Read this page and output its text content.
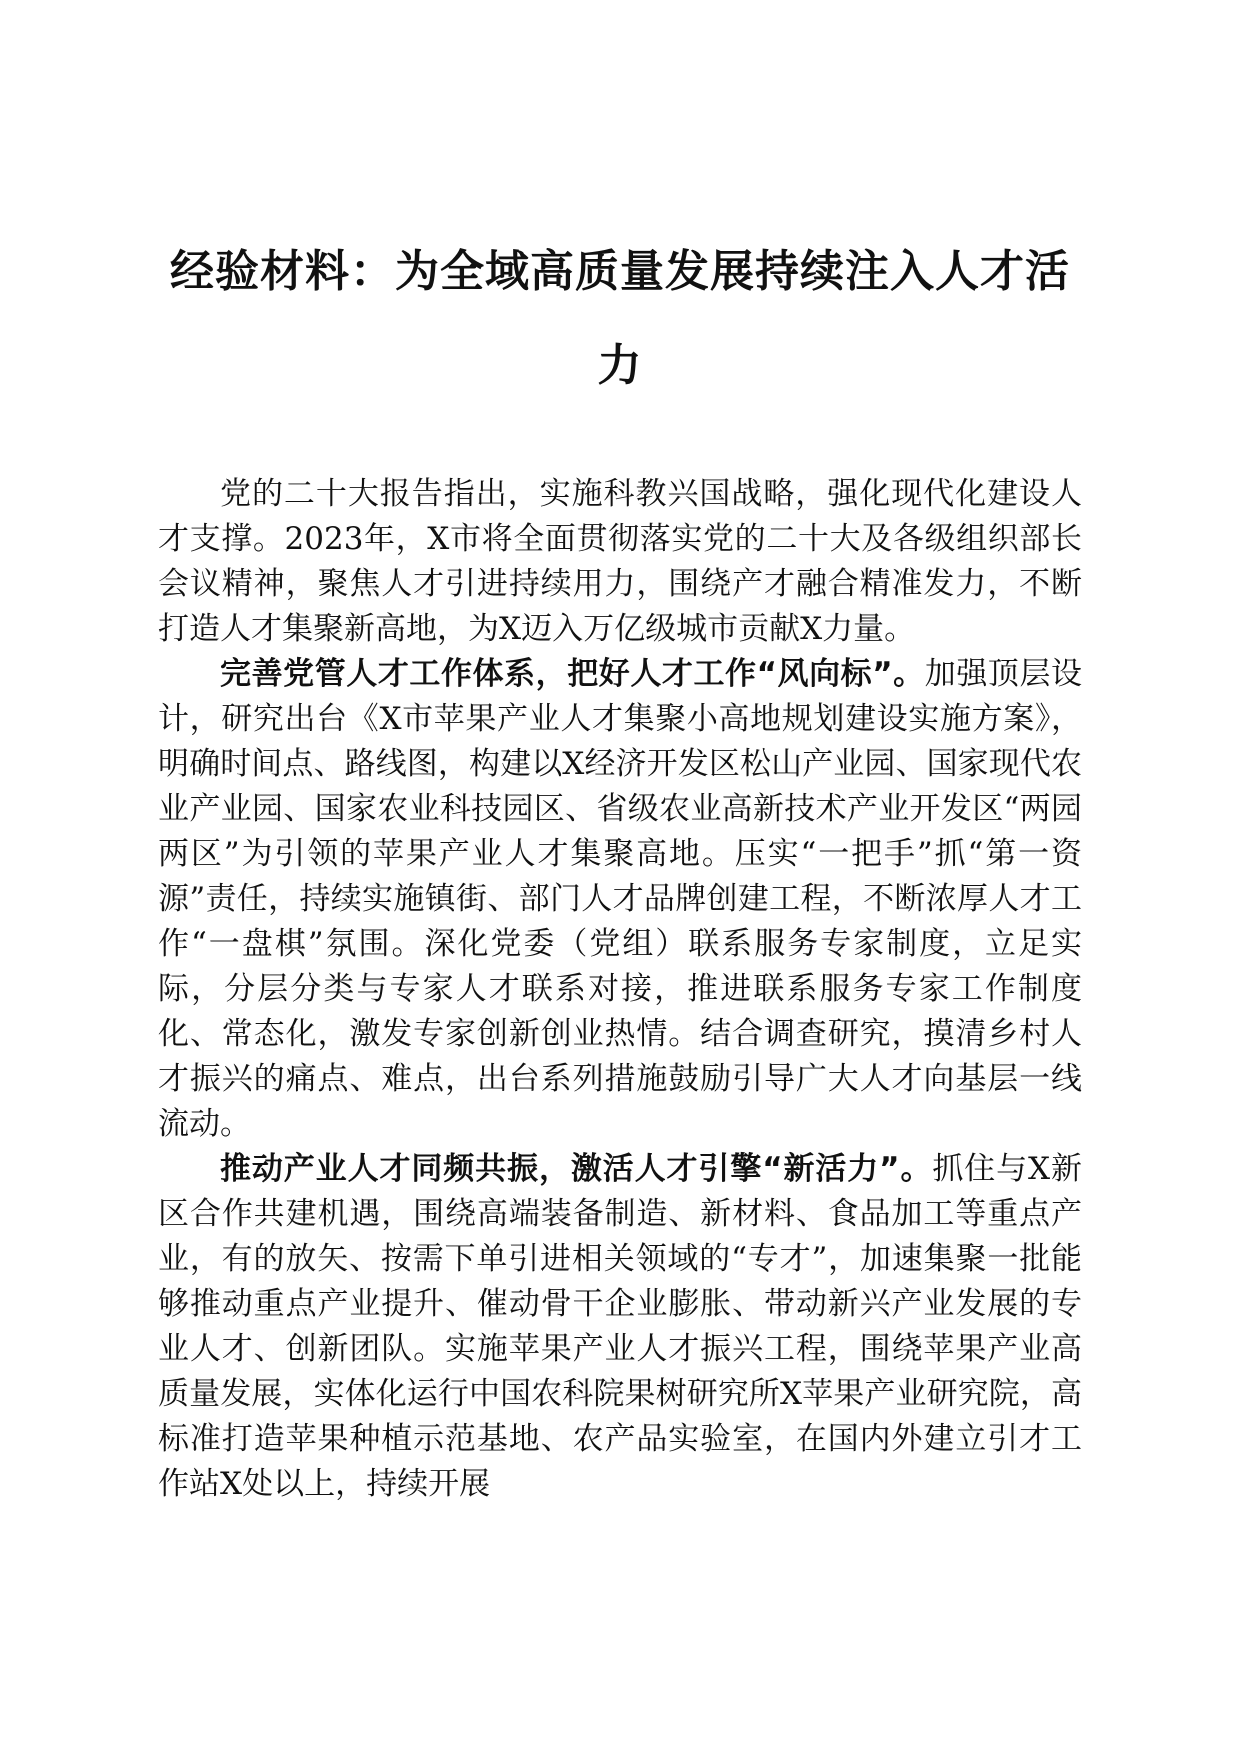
经验材料：为全域高质量发展持续注入人才活力

党的二十大报告指出，实施科教兴国战略，强化现代化建设人才支撑。2023年，X市将全面贯彻落实党的二十大及各级组织部长会议精神，聚焦人才引进持续用力，围绕产才融合精准发力，不断打造人才集聚新高地，为X迈入万亿级城市贡献X力量。

完善党管人才工作体系，把好人才工作“风向标”。加强顶层设计，研究出台《X市苹果产业人才集聚小高地规划建设实施方案》，明确时间点、路线图，构建以X经济开发区松山产业园、国家现代农业产业园、国家农业科技园区、省级农业高新技术产业开发区“两园两区”为引领的苹果产业人才集聚高地。压实“一把手”抓“第一资源”责任，持续实施镇街、部门人才品牌创建工程，不断浓厚人才工作“一盘棋”氛围。深化党委（党组）联系服务专家制度，立足实际，分层分类与专家人才联系对接，推进联系服务专家工作制度化、常态化，激发专家创新创业热情。结合调查研究，摸清乡村人才振兴的痛点、难点，出台系列措施鼓励引导广大人才向基层一线流动。

推动产业人才同频共振，激活人才引擎“新活力”。抓住与X新区合作共建机遇，围绕高端装备制造、新材料、食品加工等重点产业，有的放矢、按需下单引进相关领域的“专才”，加速集聚一批能够推动重点产业提升、催动骨干企业膨胀、带动新兴产业发展的专业人才、创新团队。实施苹果产业人才振兴工程，围绕苹果产业高质量发展，实体化运行中国农科院果树研究所X苹果产业研究院，高标准打造苹果种植示范基地、农产品实验室，在国内外建立引才工作站X处以上，持续开展
